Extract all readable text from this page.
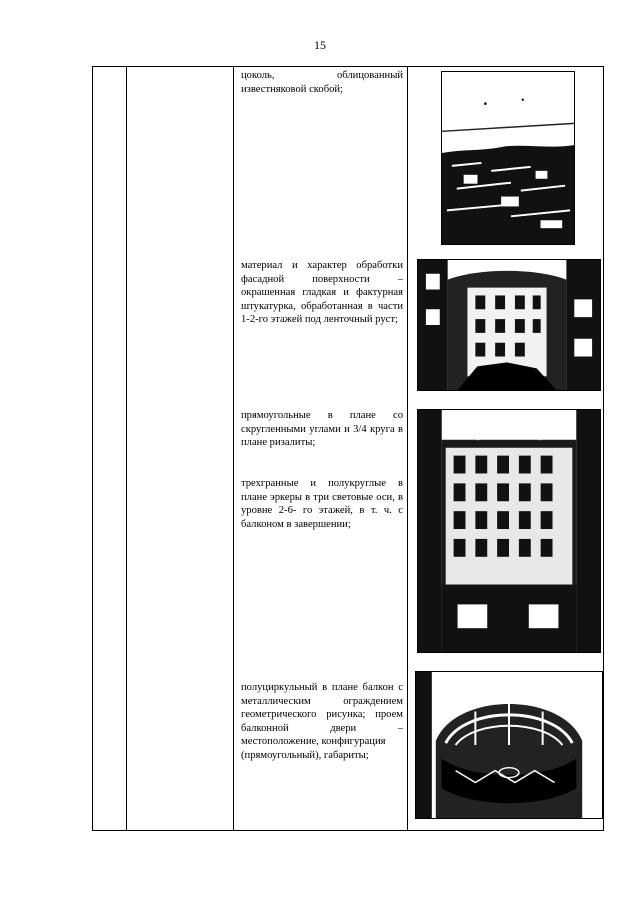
15

цоколь, облицованный известняковой скобой;

материал и характер обработки фасадной поверхности – окрашенная гладкая и фактурная штукатурка, обработанная в части 1-2-го этажей под ленточный руст;

прямоугольные в плане со скругленными углами и 3/4 круга в плане ризалиты;

трехгранные и полукруглые в плане эркеры в три световые оси, в уровне 2-6- го этажей, в т. ч. с балконом в завершении;

полуциркульный в плане балкон с металлическим ограждением геометрического рисунка; проем балконной двери – местоположение, конфигурация
(прямоугольный), габариты;
